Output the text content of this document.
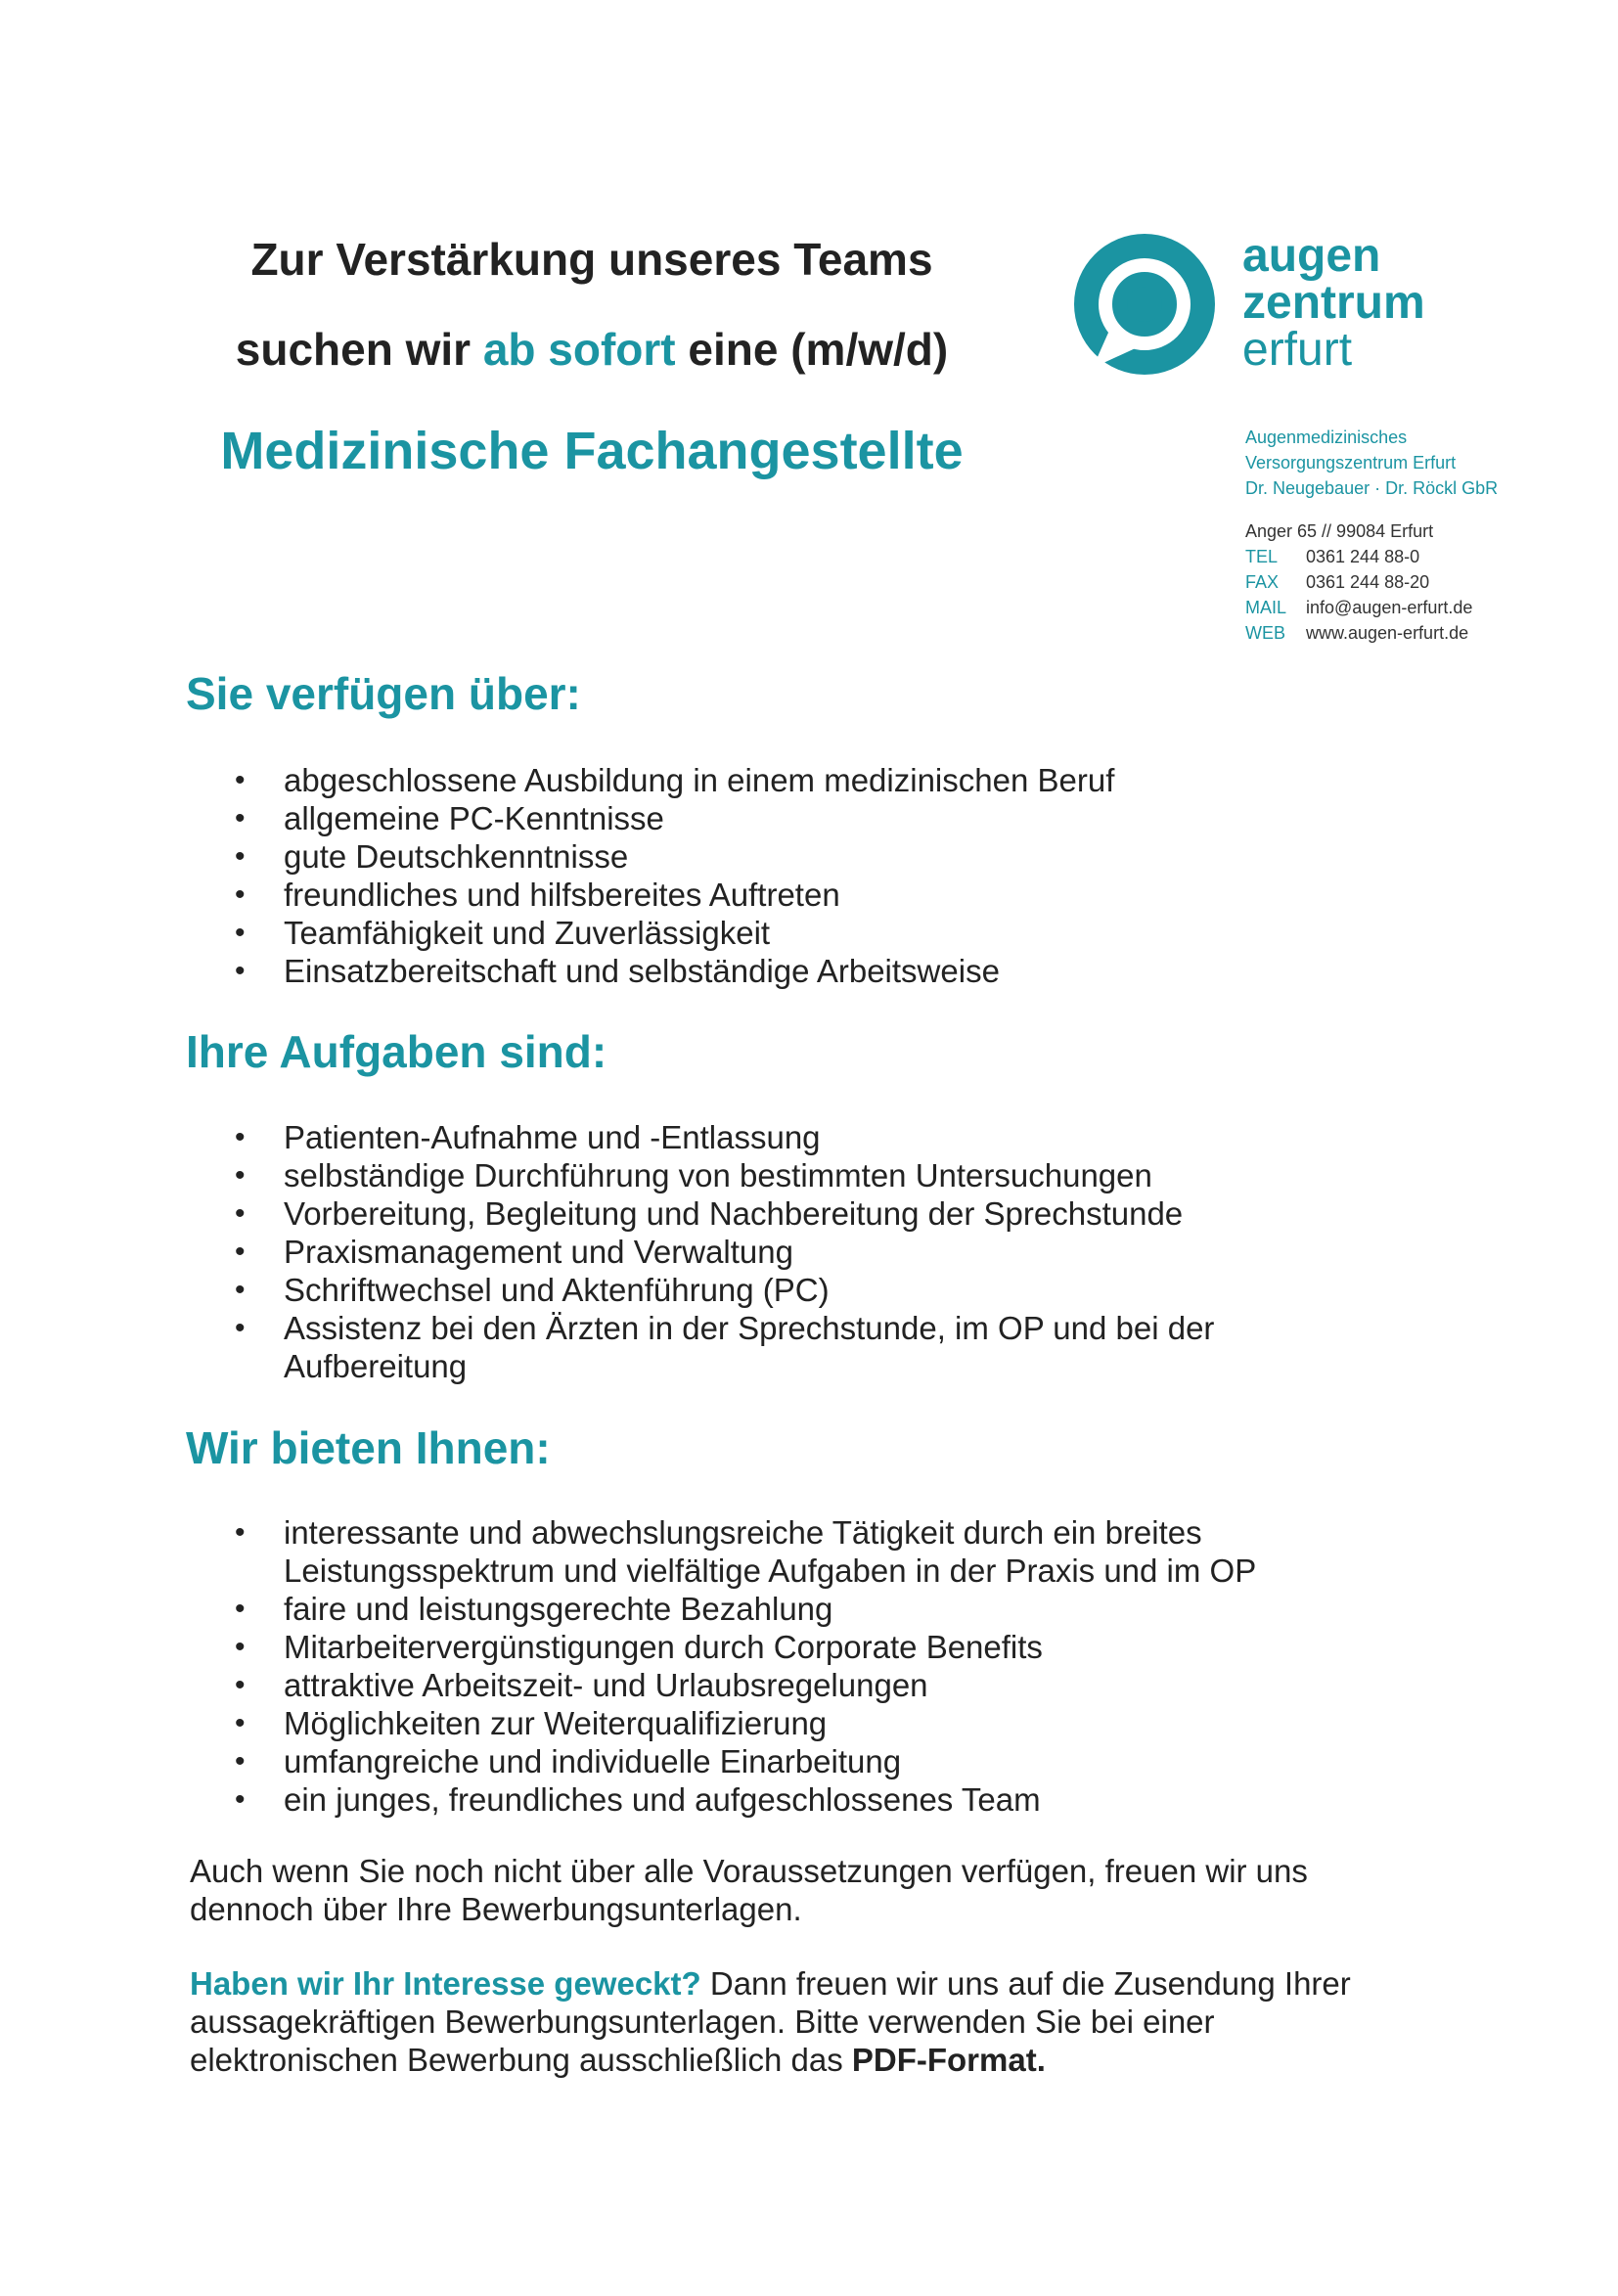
Zur Verstärkung unseres Teams
suchen wir ab sofort eine (m/w/d)
Medizinische Fachangestellte
augen
zentrum
erfurt
Augenmedizinisches
Versorgungszentrum Erfurt
Dr. Neugebauer · Dr. Röckl GbR
Anger 65 // 99084 Erfurt
TEL	0361 244 88-0
FAX	0361 244 88-20
MAIL	info@augen-erfurt.de
WEB	www.augen-erfurt.de
Sie verfügen über:
• abgeschlossene Ausbildung in einem medizinischen Beruf
• allgemeine PC-Kenntnisse
• gute Deutschkenntnisse
• freundliches und hilfsbereites Auftreten
• Teamfähigkeit und Zuverlässigkeit
• Einsatzbereitschaft und selbständige Arbeitsweise
Ihre Aufgaben sind:
• Patienten-Aufnahme und -Entlassung
• selbständige Durchführung von bestimmten Untersuchungen
• Vorbereitung, Begleitung und Nachbereitung der Sprechstunde
• Praxismanagement und Verwaltung
• Schriftwechsel und Aktenführung (PC)
• Assistenz bei den Ärzten in der Sprechstunde, im OP und bei der Aufbereitung
Wir bieten Ihnen:
• interessante und abwechslungsreiche Tätigkeit durch ein breites Leistungsspektrum und vielfältige Aufgaben in der Praxis und im OP
• faire und leistungsgerechte Bezahlung
• Mitarbeitervergünstigungen durch Corporate Benefits
• attraktive Arbeitszeit- und Urlaubsregelungen
• Möglichkeiten zur Weiterqualifizierung
• umfangreiche und individuelle Einarbeitung
• ein junges, freundliches und aufgeschlossenes Team
Auch wenn Sie noch nicht über alle Voraussetzungen verfügen, freuen wir uns dennoch über Ihre Bewerbungsunterlagen.
Haben wir Ihr Interesse geweckt? Dann freuen wir uns auf die Zusendung Ihrer aussagekräftigen Bewerbungsunterlagen. Bitte verwenden Sie bei einer elektronischen Bewerbung ausschließlich das PDF-Format.
